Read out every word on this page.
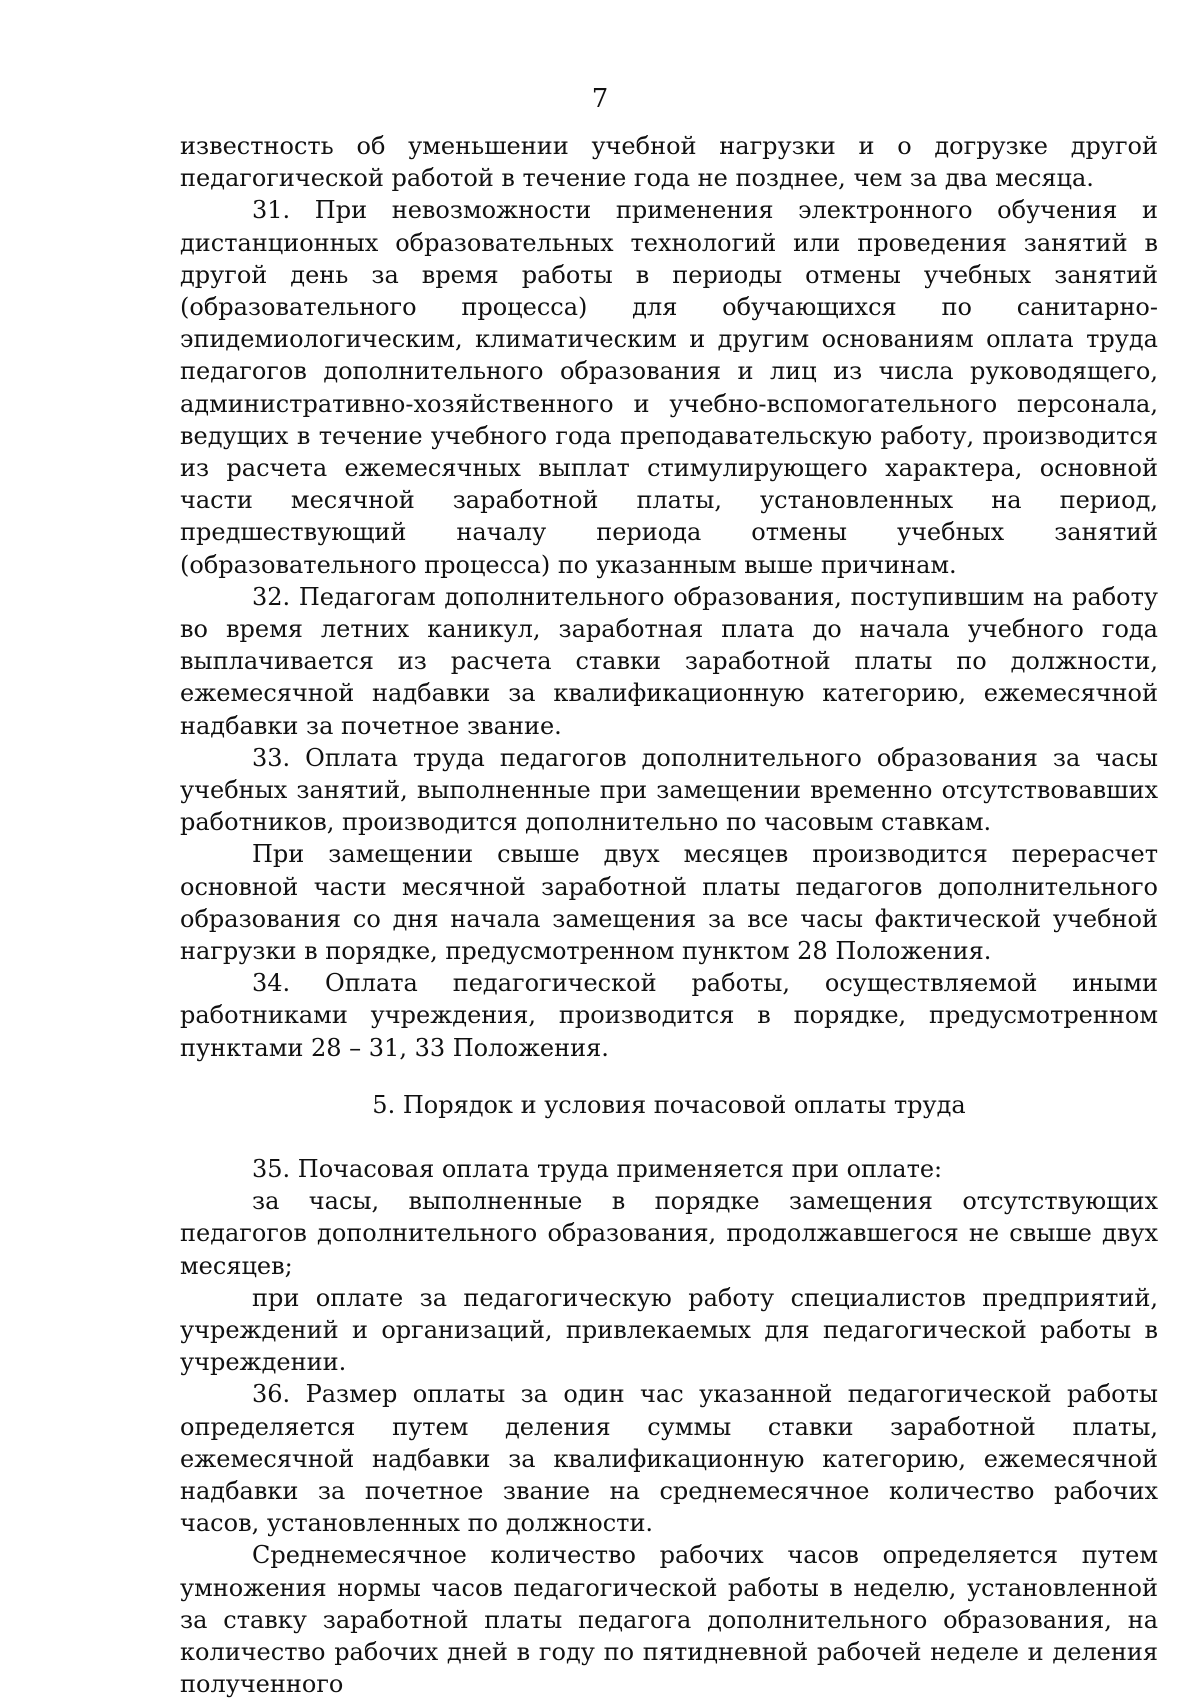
7

известность об уменьшении учебной нагрузки и о догрузке другой педагогической работой в течение года не позднее, чем за два месяца.

31. При невозможности применения электронного обучения и дистанционных образовательных технологий или проведения занятий в другой день за время работы в периоды отмены учебных занятий (образовательного процесса) для обучающихся по санитарно-эпидемиологическим, климатическим и другим основаниям оплата труда педагогов дополнительного образования и лиц из числа руководящего, административно-хозяйственного и учебно-вспомогательного персонала, ведущих в течение учебного года преподавательскую работу, производится из расчета ежемесячных выплат стимулирующего характера, основной части месячной заработной платы, установленных на период, предшествующий началу периода отмены учебных занятий (образовательного процесса) по указанным выше причинам.

32. Педагогам дополнительного образования, поступившим на работу во время летних каникул, заработная плата до начала учебного года выплачивается из расчета ставки заработной платы по должности, ежемесячной надбавки за квалификационную категорию, ежемесячной надбавки за почетное звание.

33. Оплата труда педагогов дополнительного образования за часы учебных занятий, выполненные при замещении временно отсутствовавших работников, производится дополнительно по часовым ставкам.

При замещении свыше двух месяцев производится перерасчет основной части месячной заработной платы педагогов дополнительного образования со дня начала замещения за все часы фактической учебной нагрузки в порядке, предусмотренном пунктом 28 Положения.

34. Оплата педагогической работы, осуществляемой иными работниками учреждения, производится в порядке, предусмотренном пунктами 28 – 31, 33 Положения.

5. Порядок и условия почасовой оплаты труда

35. Почасовая оплата труда применяется при оплате:

за часы, выполненные в порядке замещения отсутствующих педагогов дополнительного образования, продолжавшегося не свыше двух месяцев;

при оплате за педагогическую работу специалистов предприятий, учреждений и организаций, привлекаемых для педагогической работы в учреждении.

36. Размер оплаты за один час указанной педагогической работы определяется путем деления суммы ставки заработной платы, ежемесячной надбавки за квалификационную категорию, ежемесячной надбавки за почетное звание на среднемесячное количество рабочих часов, установленных по должности.

Среднемесячное количество рабочих часов определяется путем умножения нормы часов педагогической работы в неделю, установленной за ставку заработной платы педагога дополнительного образования, на количество рабочих дней в году по пятидневной рабочей неделе и деления полученного
